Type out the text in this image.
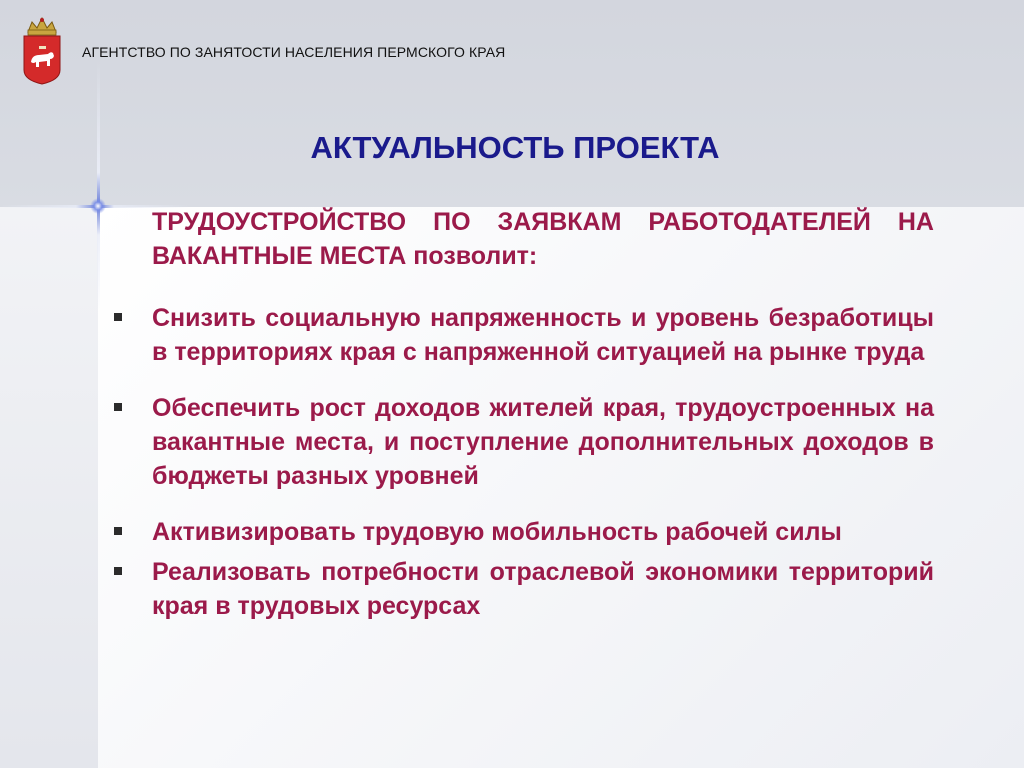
АГЕНТСТВО ПО ЗАНЯТОСТИ НАСЕЛЕНИЯ ПЕРМСКОГО КРАЯ
АКТУАЛЬНОСТЬ ПРОЕКТА

ТРУДОУСТРОЙСТВО ПО ЗАЯВКАМ РАБОТОДАТЕЛЕЙ НА ВАКАНТНЫЕ МЕСТА позволит:

Снизить социальную напряженность и уровень безработицы в территориях края с напряженной ситуацией на рынке труда

Обеспечить рост доходов жителей края, трудоустроенных на вакантные места, и поступление дополнительных доходов в бюджеты разных уровней

Активизировать трудовую мобильность рабочей силы

Реализовать потребности отраслевой экономики территорий края в трудовых ресурсах
